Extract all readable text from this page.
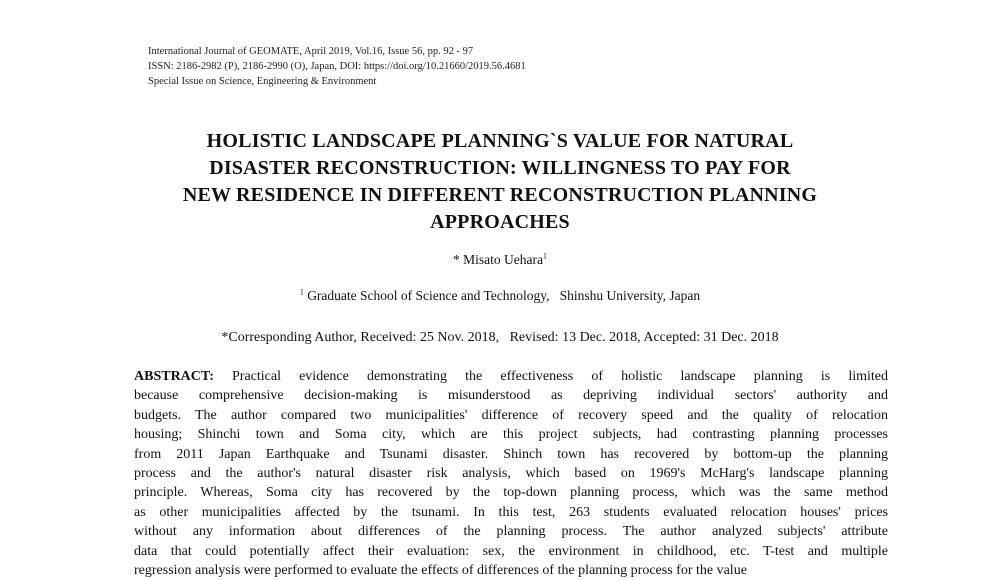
International Journal of GEOMATE, April 2019, Vol.16, Issue 56, pp. 92 - 97
ISSN: 2186-2982 (P), 2186-2990 (O), Japan, DOI: https://doi.org/10.21660/2019.56.4681
Special Issue on Science, Engineering & Environment
HOLISTIC LANDSCAPE PLANNING`S VALUE FOR NATURAL
DISASTER RECONSTRUCTION: WILLINGNESS TO PAY FOR
NEW RESIDENCE IN DIFFERENT RECONSTRUCTION PLANNING
APPROACHES
* Misato Uehara$^1$
$^1$ Graduate School of Science and Technology,   Shinshu University, Japan
*Corresponding Author, Received: 25 Nov. 2018,   Revised: 13 Dec. 2018, Accepted: 31 Dec. 2018
ABSTRACT: Practical evidence demonstrating the effectiveness of holistic landscape planning is limited
because comprehensive decision-making is misunderstood as depriving individual sectors' authority and
budgets. The author compared two municipalities' difference of recovery speed and the quality of relocation
housing; Shinchi town and Soma city, which are this project subjects, had contrasting planning processes
from 2011 Japan Earthquake and Tsunami disaster. Shinch town has recovered by bottom-up the planning
process and the author's natural disaster risk analysis, which based on 1969's McHarg's landscape planning
principle. Whereas, Soma city has recovered by the top-down planning process, which was the same method
as other municipalities affected by the tsunami. In this test, 263 students evaluated relocation houses' prices
without any information about differences of the planning process. The author analyzed subjects' attribute
data that could potentially affect their evaluation: sex, the environment in childhood, etc. T-test and multiple
regression analysis were performed to evaluate the effects of differences of the planning process for the value
